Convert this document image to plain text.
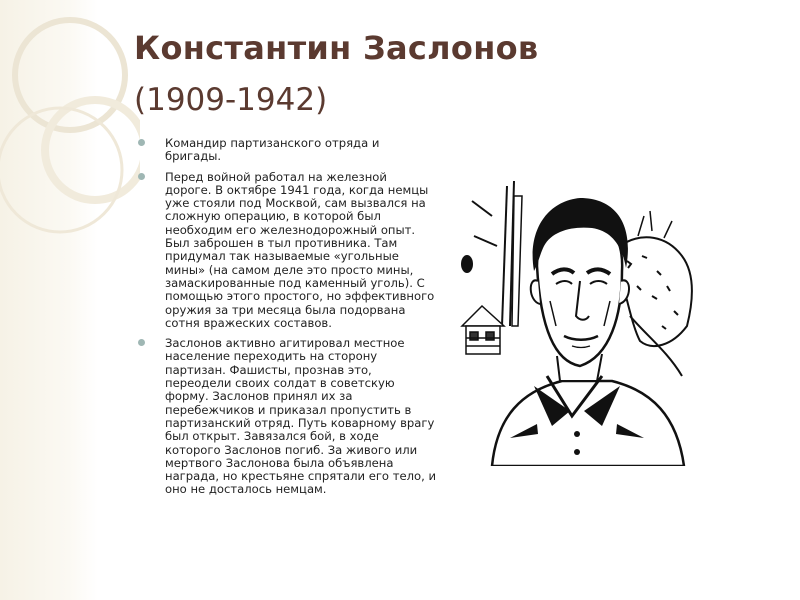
Константин Заслонов
(1909-1942)
Командир партизанского отряда и бригады.
Перед войной работал на железной дороге. В октябре 1941 года, когда немцы уже стояли под Москвой, сам вызвался на сложную операцию, в которой был необходим его железнодорожный опыт. Был заброшен в тыл противника. Там придумал так называемые «угольные мины» (на самом деле это просто мины, замаскированные под каменный уголь). С помощью этого простого, но эффективного оружия за три месяца была подорвана сотня вражеских составов.
Заслонов активно агитировал местное население переходить на сторону партизан. Фашисты, прознав это, переодели своих солдат в советскую форму. Заслонов принял их за перебежчиков и приказал пропустить в партизанский отряд. Путь коварному врагу был открыт. Завязался бой, в ходе которого Заслонов погиб. За живого или мертвого Заслонова была объявлена награда, но крестьяне спрятали его тело, и оно не досталось немцам.
